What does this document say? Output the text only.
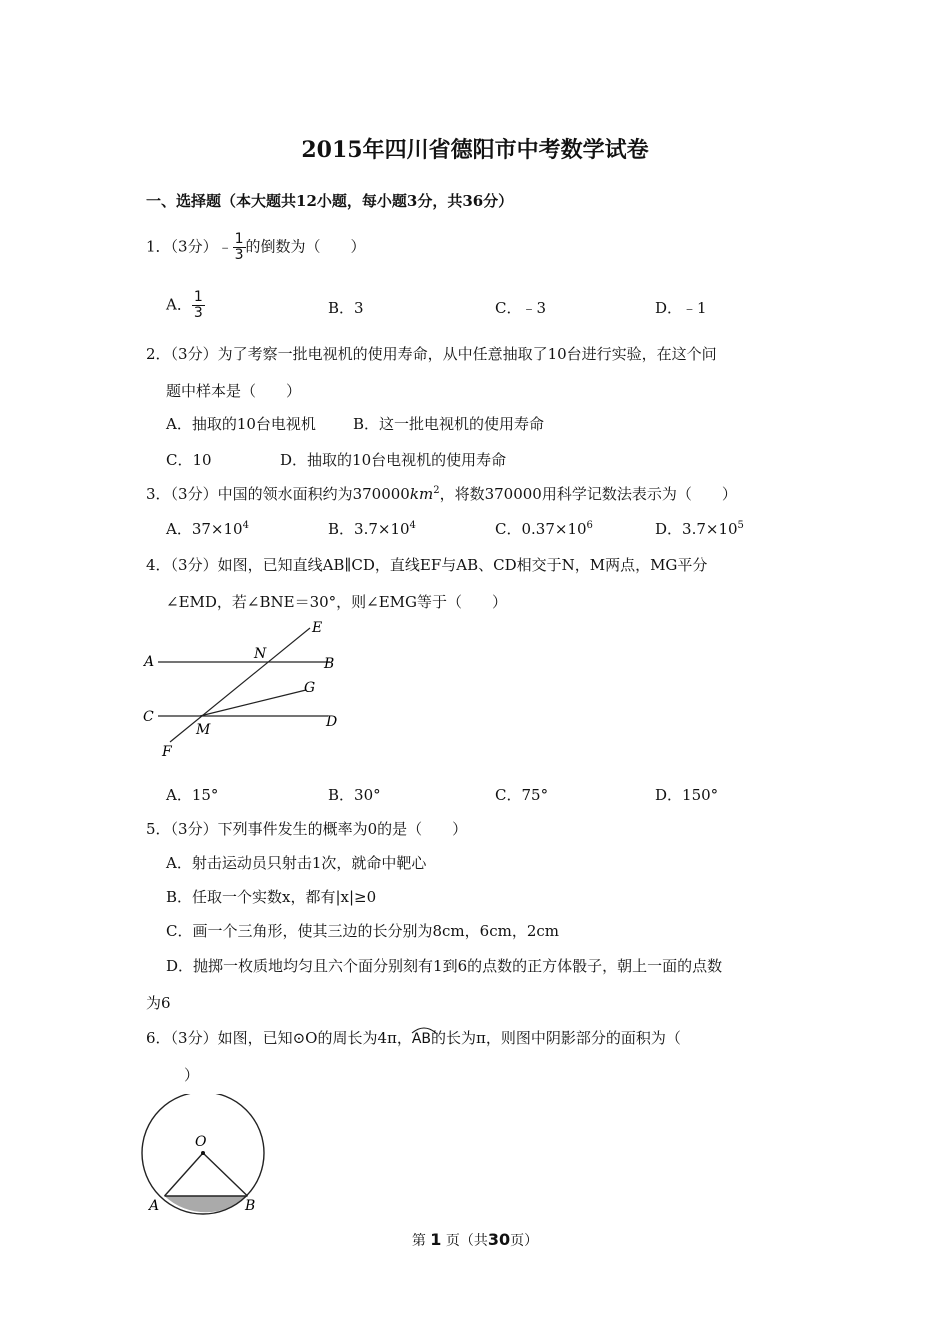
2015年四川省德阳市中考数学试卷
一、选择题（本大题共12小题，每小题3分，共36分）
1．（3分）﹣ $\frac{1}{3}$ 的倒数为（　　）
A． $\frac{1}{3}$	B．3	C．﹣3	D．﹣1
2．（3分）为了考察一批电视机的使用寿命，从中任意抽取了10台进行实验，在这个问
题中样本是（　　）
A．抽取的10台电视机 B．这一批电视机的使用寿命
C．10	D．抽取的10台电视机的使用寿命
3．（3分）中国的领水面积约为$370000km^2$，将数370000用科学记数法表示为（　　）
A．$37\times 10^4$	B．$3.7\times 10^4$	C．$0.37\times 10^6$	D．$3.7\times 10^5$
4．（3分）如图，已知直线AB∥CD，直线EF与AB、CD相交于N，M两点，MG平分
∠EMD，若∠BNE＝30°，则∠EMG等于（　　）
A	B
C	D
E
F
G
N
M
A．15°	B．30°	C．75°	D．150°
5．（3分）下列事件发生的概率为0的是（　　）
A．射击运动员只射击1次，就命中靶心
B．任取一个实数x，都有|x|≥0
C．画一个三角形，使其三边的长分别为8cm，6cm，2cm
D．抛掷一枚质地均匀且六个面分别刻有1到6的点数的正方体骰子，朝上一面的点数
为6
6．（3分）如图，已知⊙O的周长为4π，
AB的长为π，则图中阴影部分的面积为（
）
O
A	B
第 1 页（共30页）
